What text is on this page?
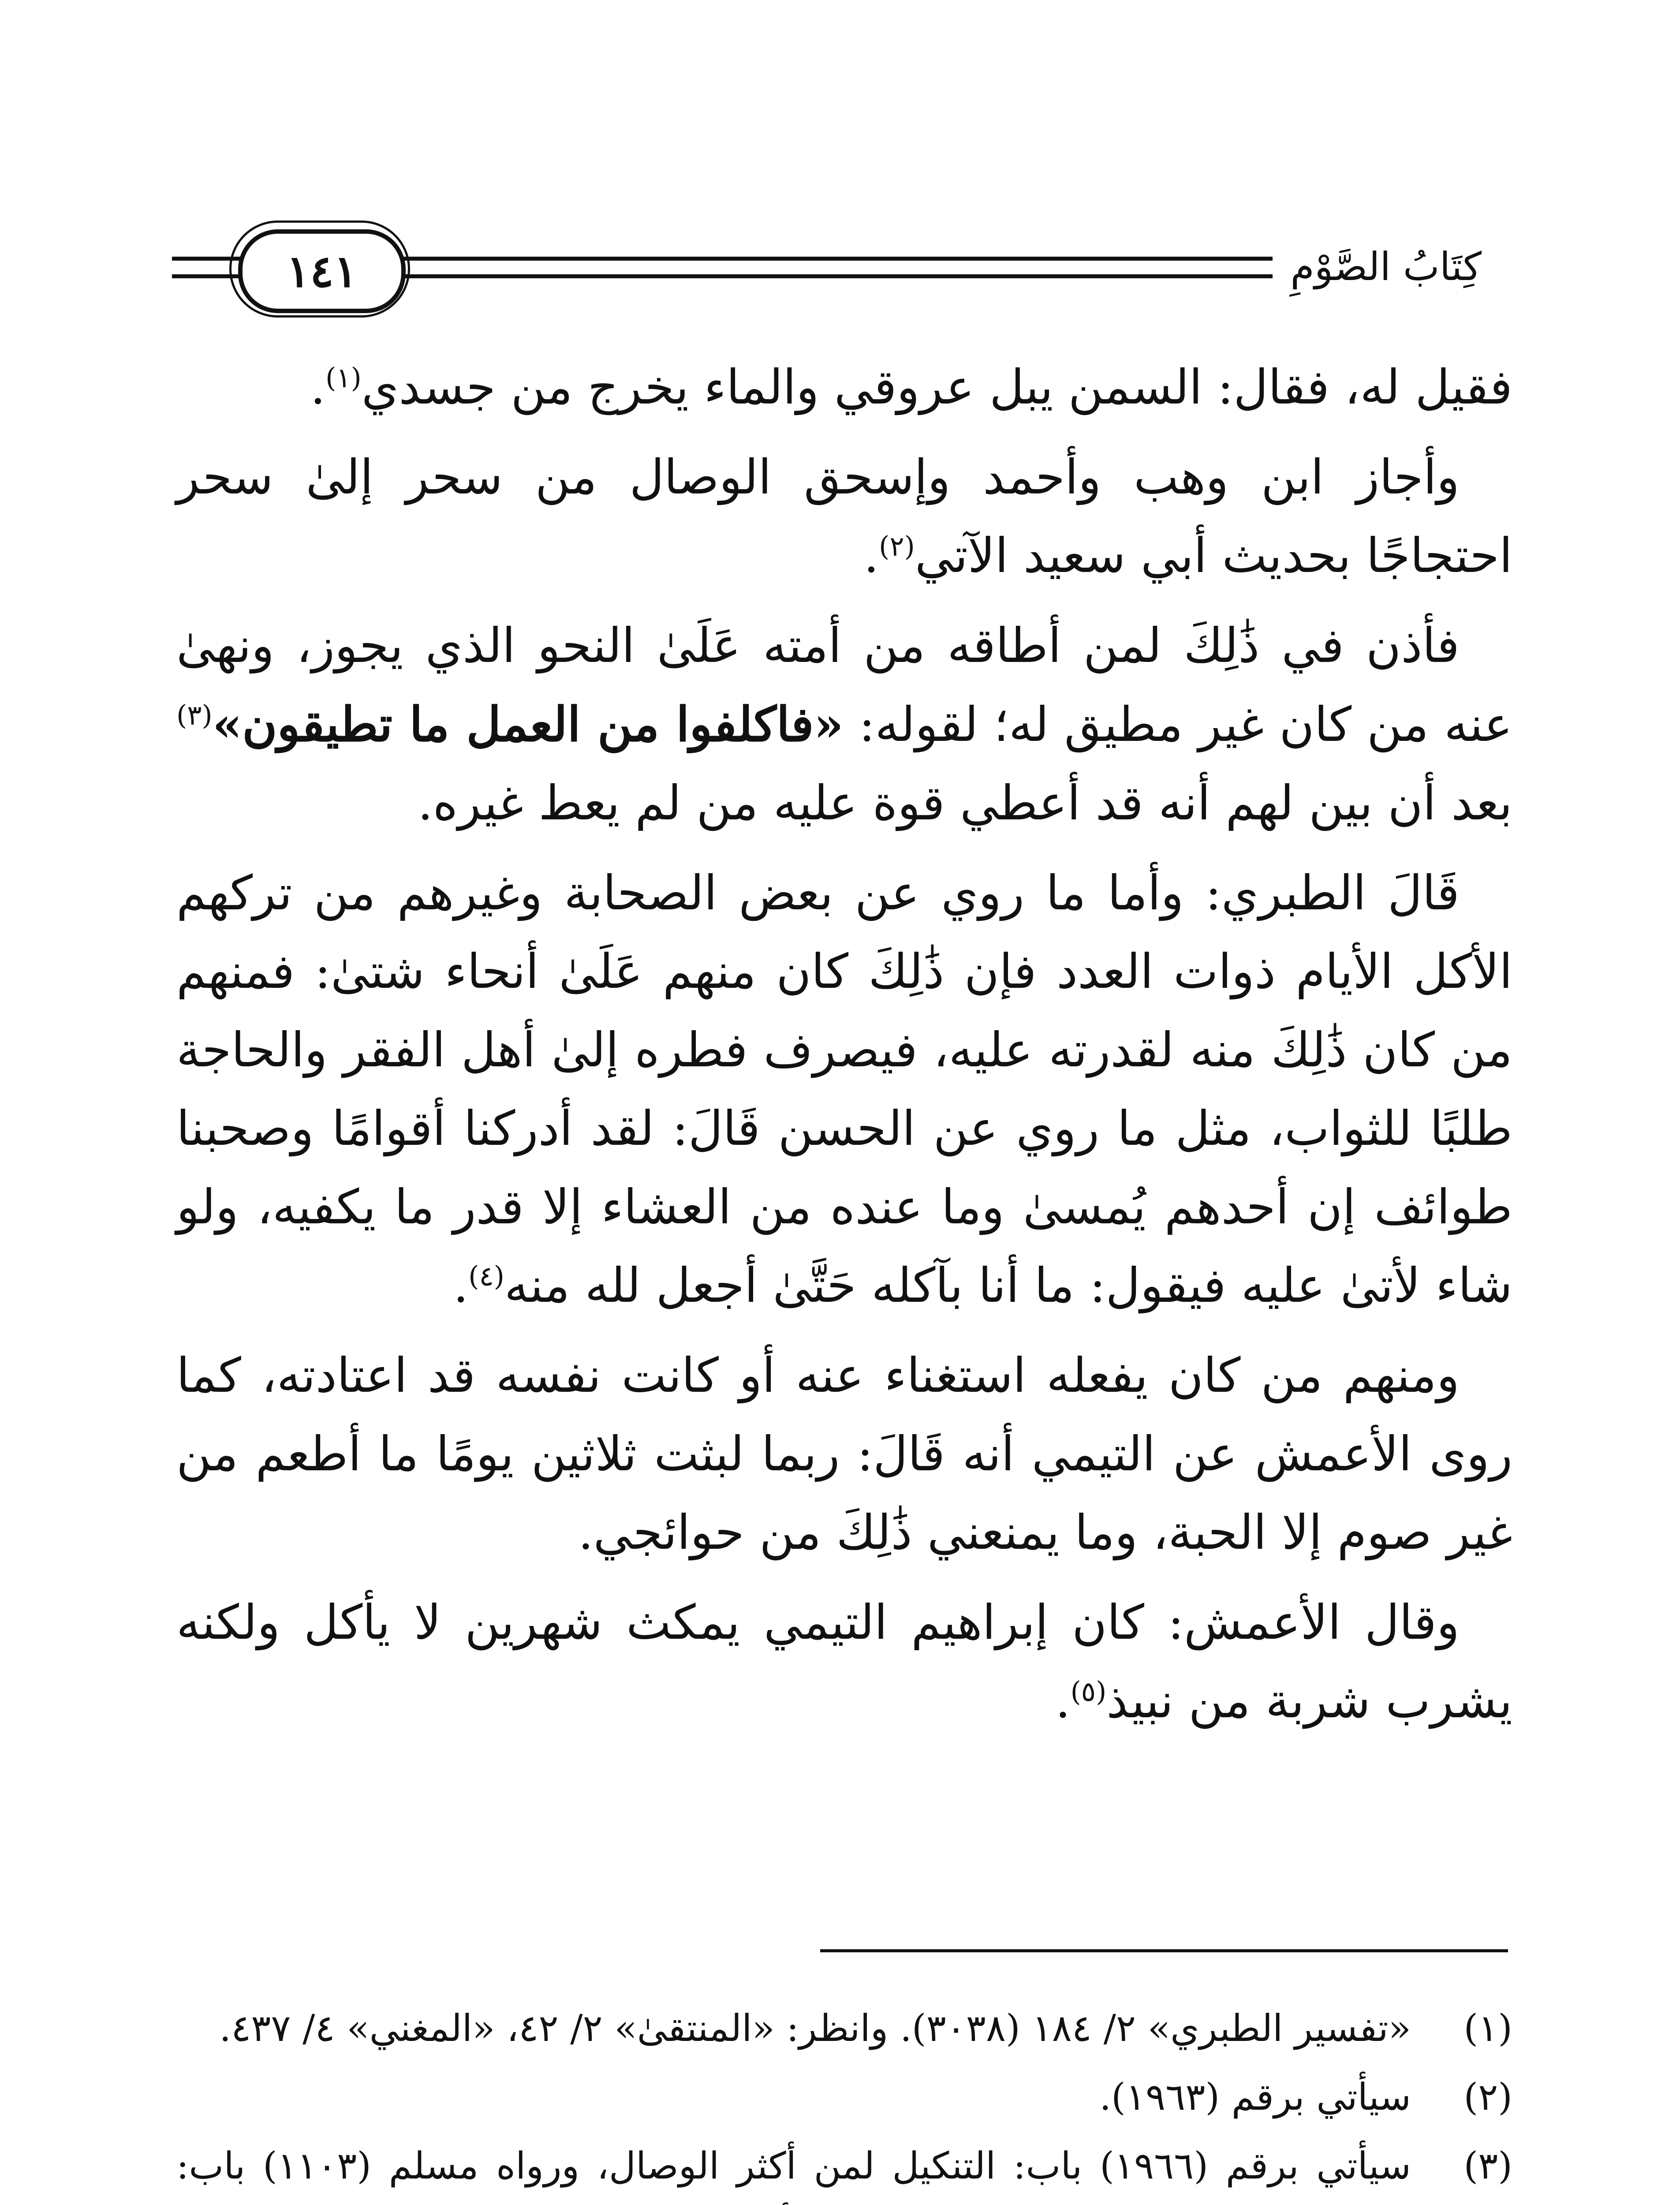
١٤١	كِتَابُ الصَّوْمِ

فقيل له، فقال: السمن يبل عروقي والماء يخرج من جسدي$^{(١)}$.

وأجاز ابن وهب وأحمد وإسحق الوصال من سحر إلىٰ سحر احتجاجًا بحديث أبي سعيد الآتي$^{(٢)}$.

فأذن في ذَٰلِكَ لمن أطاقه من أمته عَلَىٰ النحو الذي يجوز، ونهىٰ عنه من كان غير مطيق له؛ لقوله: «فاكلفوا من العمل ما تطيقون»$^{(٣)}$ بعد أن بين لهم أنه قد أعطي قوة عليه من لم يعط غيره.

قَالَ الطبري: وأما ما روي عن بعض الصحابة وغيرهم من تركهم الأكل الأيام ذوات العدد فإن ذَٰلِكَ كان منهم عَلَىٰ أنحاء شتىٰ: فمنهم من كان ذَٰلِكَ منه لقدرته عليه، فيصرف فطره إلىٰ أهل الفقر والحاجة طلبًا للثواب، مثل ما روي عن الحسن قَالَ: لقد أدركنا أقوامًا وصحبنا طوائف إن أحدهم يُمسىٰ وما عنده من العشاء إلا قدر ما يكفيه، ولو شاء لأتىٰ عليه فيقول: ما أنا بآكله حَتَّىٰ أجعل لله منه$^{(٤)}$.

ومنهم من كان يفعله استغناء عنه أو كانت نفسه قد اعتادته، كما روى الأعمش عن التيمي أنه قَالَ: ربما لبثت ثلاثين يومًا ما أطعم من غير صوم إلا الحبة، وما يمنعني ذَٰلِكَ من حوائجي.

وقال الأعمش: كان إبراهيم التيمي يمكث شهرين لا يأكل ولكنه يشرب شربة من نبيذ$^{(٥)}$.

(١)
«تفسير الطبري» ٢/ ١٨٤ (٣٠٣٨). وانظر: «المنتقىٰ» ٢/ ٤٢، «المغني» ٤/ ٤٣٧.
(٢)
سيأتي برقم (١٩٦٣).
(٣)
سيأتي برقم (١٩٦٦) باب: التنكيل لمن أكثر الوصال، ورواه مسلم (١١٠٣) باب:
